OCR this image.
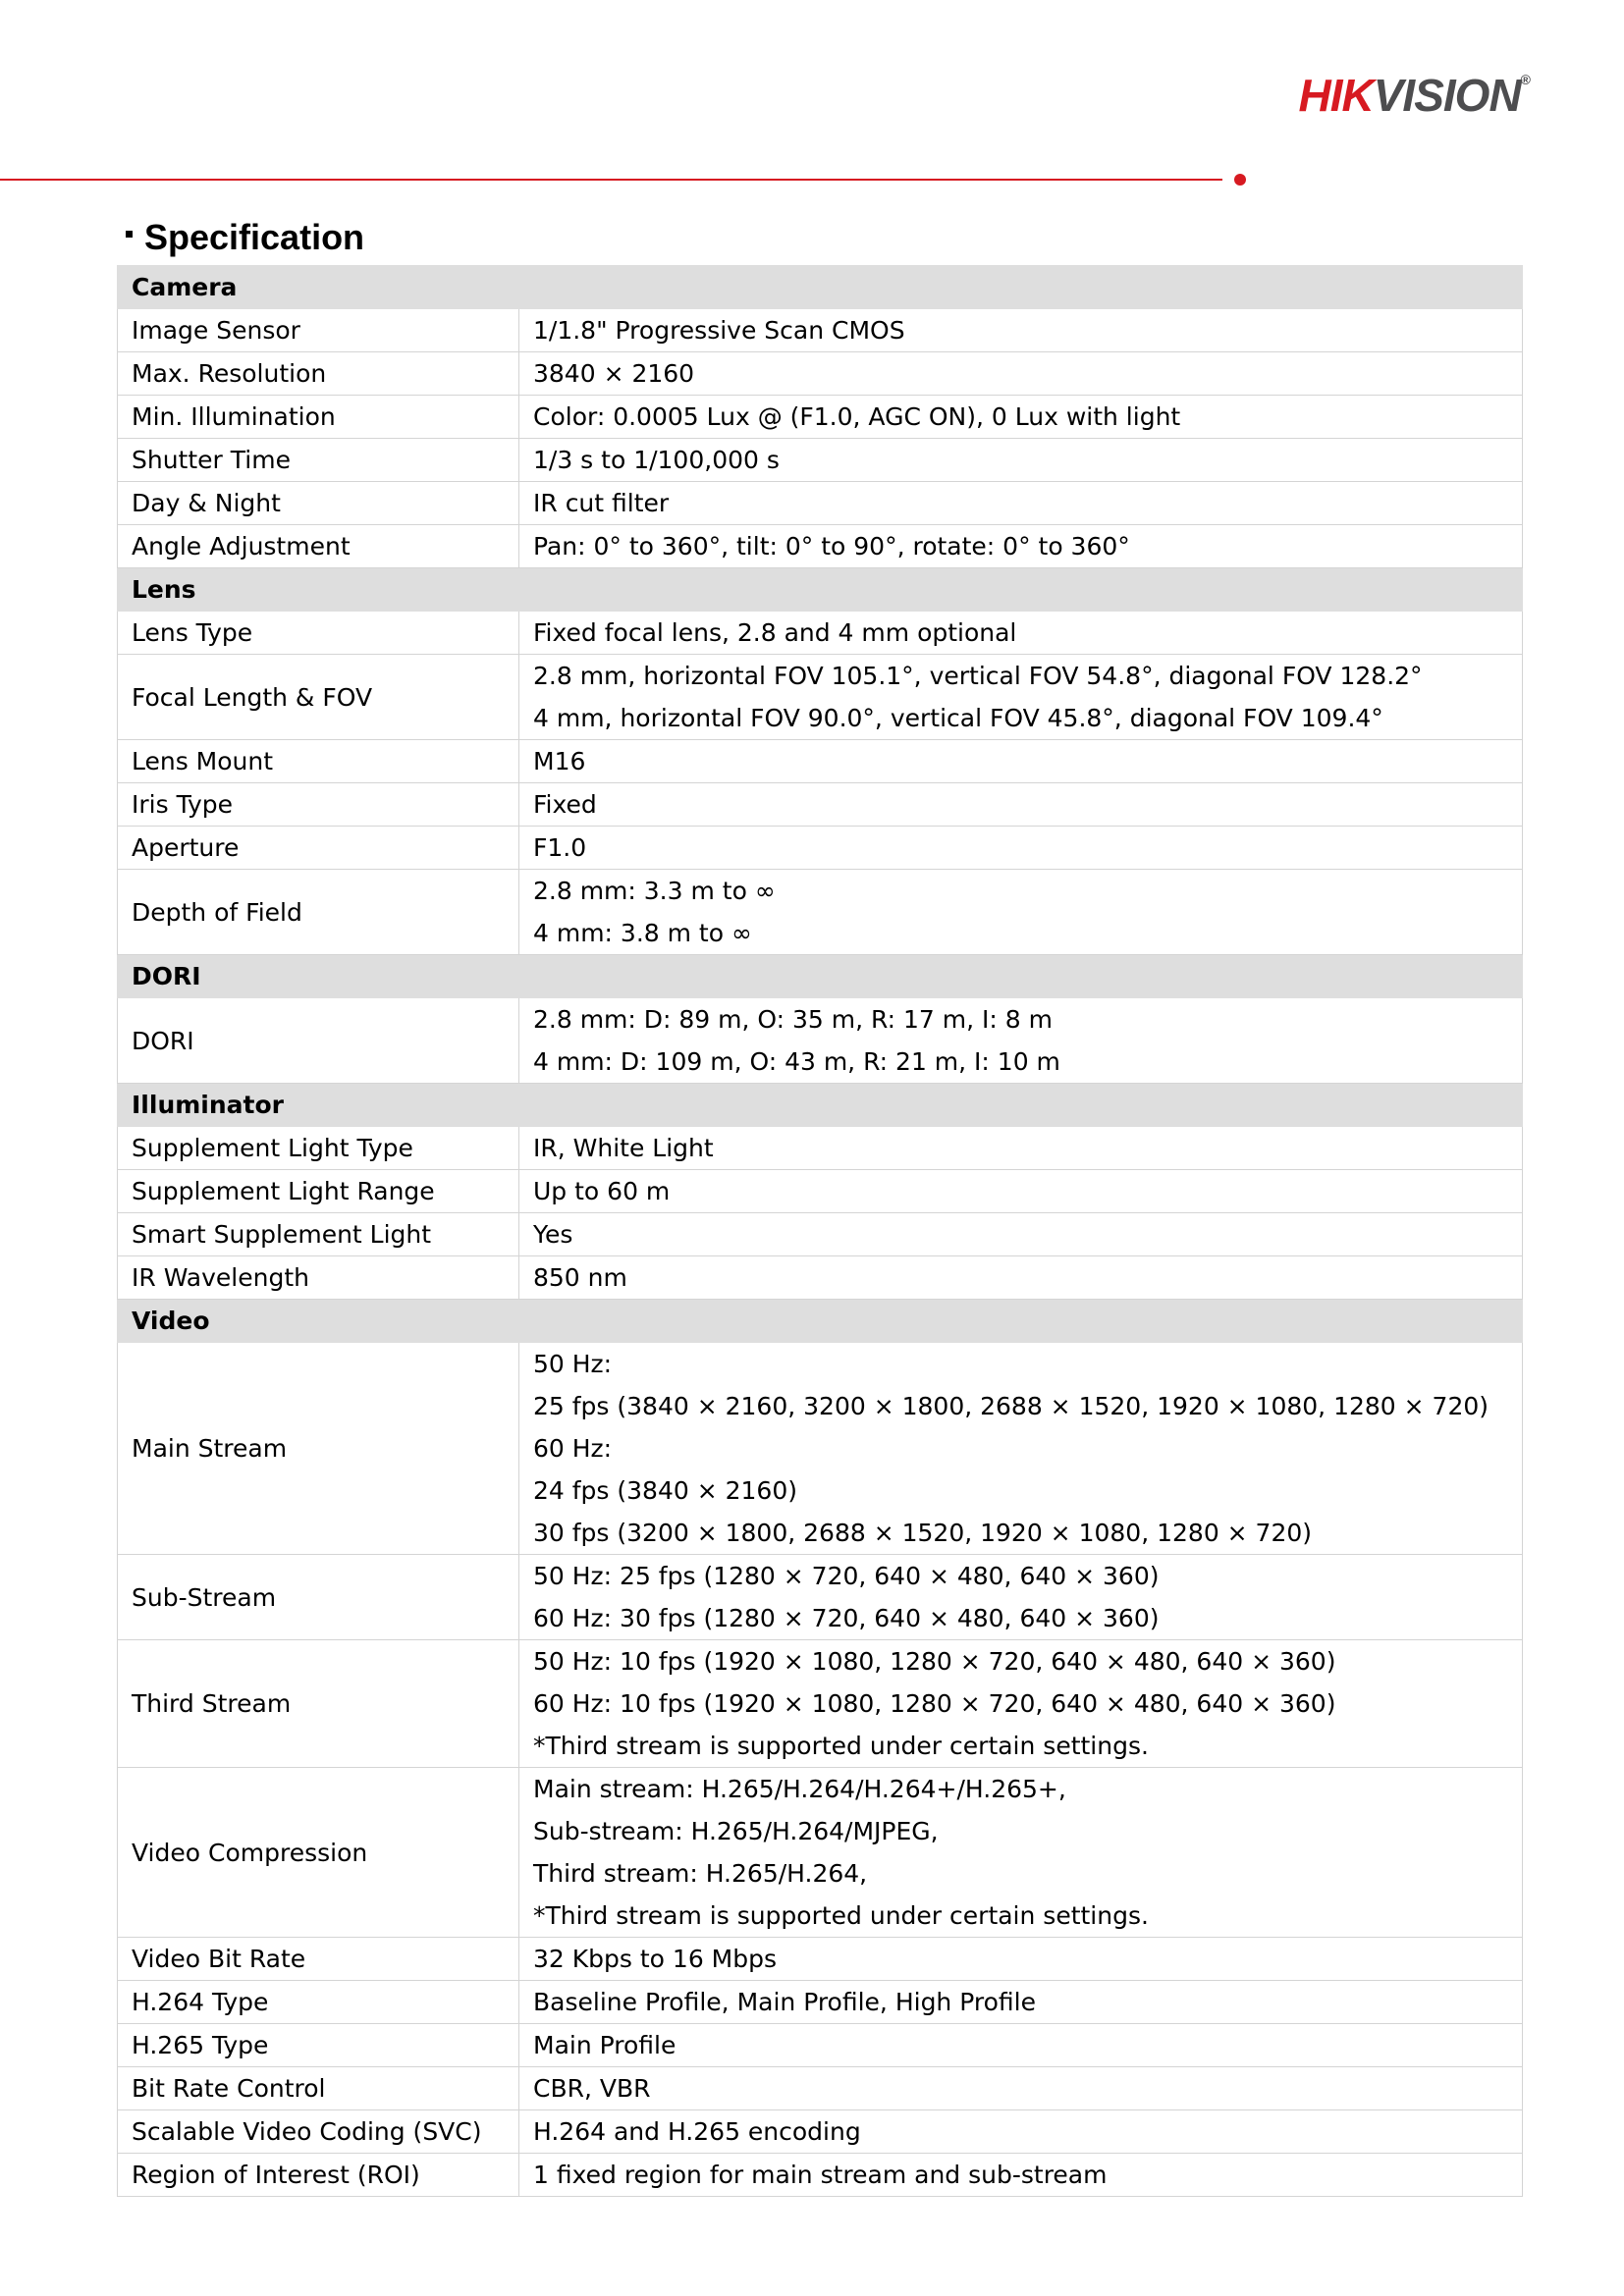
HIKVISION®
Specification
Camera	
Image Sensor	1/1.8" Progressive Scan CMOS

Max. Resolution	3840 × 2160

Min. Illumination	Color: 0.0005 Lux @ (F1.0, AGC ON), 0 Lux with light

Shutter Time	1/3 s to 1/100,000 s

Day & Night	IR cut filter

Angle Adjustment	Pan: 0° to 360°, tilt: 0° to 90°, rotate: 0° to 360°

Lens	
Lens Type	Fixed focal lens, 2.8 and 4 mm optional

Focal Length & FOV	2.8 mm, horizontal FOV 105.1°, vertical FOV 54.8°, diagonal FOV 128.2°
4 mm, horizontal FOV 90.0°, vertical FOV 45.8°, diagonal FOV 109.4°

Lens Mount	M16

Iris Type	Fixed

Aperture	F1.0

Depth of Field	2.8 mm: 3.3 m to ∞
4 mm: 3.8 m to ∞

DORI	
DORI	2.8 mm: D: 89 m, O: 35 m, R: 17 m, I: 8 m
4 mm: D: 109 m, O: 43 m, R: 21 m, I: 10 m

Illuminator	
Supplement Light Type	IR, White Light

Supplement Light Range	Up to 60 m

Smart Supplement Light	Yes

IR Wavelength	850 nm

Video	
Main Stream	50 Hz:
25 fps (3840 × 2160, 3200 × 1800, 2688 × 1520, 1920 × 1080, 1280 × 720)
60 Hz:
24 fps (3840 × 2160)
30 fps (3200 × 1800, 2688 × 1520, 1920 × 1080, 1280 × 720)

Sub-Stream	50 Hz: 25 fps (1280 × 720, 640 × 480, 640 × 360)
60 Hz: 30 fps (1280 × 720, 640 × 480, 640 × 360)

Third Stream	50 Hz: 10 fps (1920 × 1080, 1280 × 720, 640 × 480, 640 × 360)
60 Hz: 10 fps (1920 × 1080, 1280 × 720, 640 × 480, 640 × 360)
*Third stream is supported under certain settings.

Video Compression	Main stream: H.265/H.264/H.264+/H.265+,
Sub-stream: H.265/H.264/MJPEG,
Third stream: H.265/H.264,
*Third stream is supported under certain settings.

Video Bit Rate	32 Kbps to 16 Mbps

H.264 Type	Baseline Profile, Main Profile, High Profile

H.265 Type	Main Profile

Bit Rate Control	CBR, VBR

Scalable Video Coding (SVC)	H.264 and H.265 encoding

Region of Interest (ROI)	1 fixed region for main stream and sub-stream
